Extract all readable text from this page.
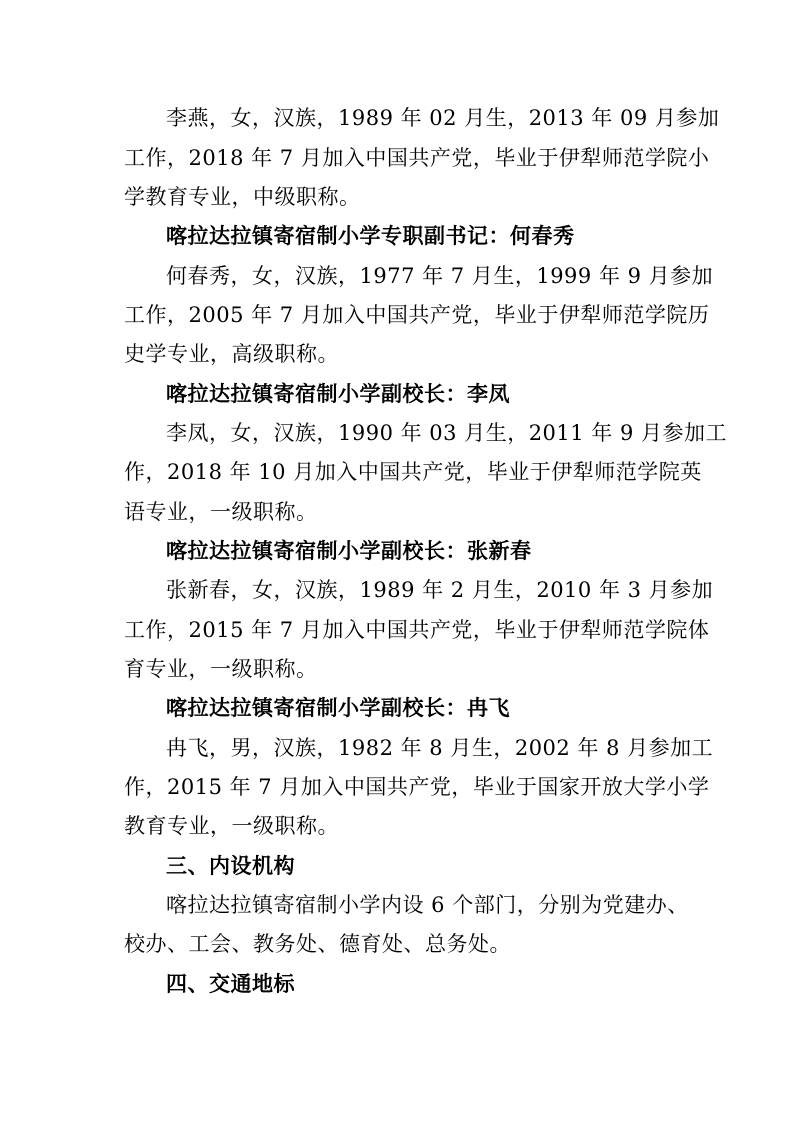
李燕，女，汉族，1989 年 02 月生，2013 年 09 月参加
工作，2018 年 7 月加入中国共产党，毕业于伊犁师范学院小
学教育专业，中级职称。
喀拉达拉镇寄宿制小学专职副书记：何春秀
何春秀，女，汉族，1977 年 7 月生，1999 年 9 月参加
工作，2005 年 7 月加入中国共产党，毕业于伊犁师范学院历
史学专业，高级职称。
喀拉达拉镇寄宿制小学副校长：李凤
李凤，女，汉族，1990 年 03 月生，2011 年 9 月参加工
作，2018 年 10 月加入中国共产党，毕业于伊犁师范学院英
语专业，一级职称。
喀拉达拉镇寄宿制小学副校长：张新春
张新春，女，汉族，1989 年 2 月生，2010 年 3 月参加
工作，2015 年 7 月加入中国共产党，毕业于伊犁师范学院体
育专业，一级职称。
喀拉达拉镇寄宿制小学副校长：冉飞
冉飞，男，汉族，1982 年 8 月生，2002 年 8 月参加工
作，2015 年 7 月加入中国共产党，毕业于国家开放大学小学
教育专业，一级职称。
三、内设机构
喀拉达拉镇寄宿制小学内设 6 个部门，分别为党建办、
校办、工会、教务处、德育处、总务处。
四、交通地标
